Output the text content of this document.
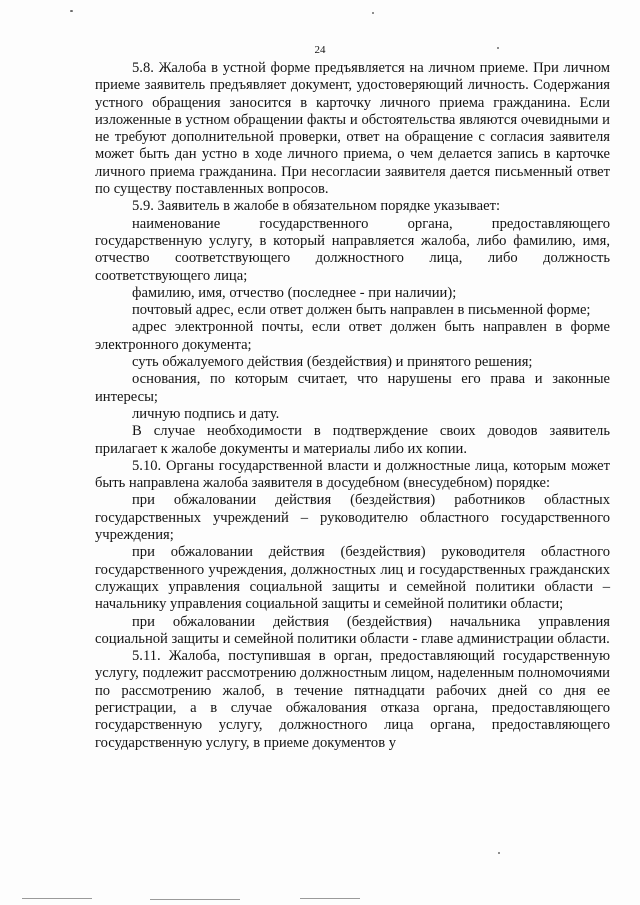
24

5.8. Жалоба в устной форме предъявляется на личном приеме. При личном приеме заявитель предъявляет документ, удостоверяющий личность. Содержания устного обращения заносится в карточку личного приема гражданина. Если изложенные в устном обращении факты и обстоятельства являются очевидными и не требуют дополнительной проверки, ответ на обращение с согласия заявителя может быть дан устно в ходе личного приема, о чем делается запись в карточке личного приема гражданина. При несогласии заявителя дается письменный ответ по существу поставленных вопросов.

5.9. Заявитель в жалобе в обязательном порядке указывает:

наименование государственного органа, предоставляющего государственную услугу, в который направляется жалоба, либо фамилию, имя, отчество соответствующего должностного лица, либо должность соответствующего лица;

фамилию, имя, отчество (последнее - при наличии);

почтовый адрес, если ответ должен быть направлен в письменной форме;

адрес электронной почты, если ответ должен быть направлен в форме электронного документа;

суть обжалуемого действия (бездействия) и принятого решения;

основания, по которым считает, что нарушены его права и законные интересы;

личную подпись и дату.

В случае необходимости в подтверждение своих доводов заявитель прилагает к жалобе документы и материалы либо их копии.

5.10. Органы государственной власти и должностные лица, которым может быть направлена жалоба заявителя в досудебном (внесудебном) порядке:

при обжаловании действия (бездействия) работников областных государственных учреждений – руководителю областного государственного учреждения;

при обжаловании действия (бездействия) руководителя областного государственного учреждения, должностных лиц и государственных гражданских служащих управления социальной защиты и семейной политики области – начальнику управления социальной защиты и семейной политики области;

при обжаловании действия (бездействия) начальника управления социальной защиты и семейной политики области - главе администрации области.

5.11. Жалоба, поступившая в орган, предоставляющий государственную услугу, подлежит рассмотрению должностным лицом, наделенным полномочиями по рассмотрению жалоб, в течение пятнадцати рабочих дней со дня ее регистрации, а в случае обжалования отказа органа, предоставляющего государственную услугу, должностного лица органа, предоставляющего государственную услугу, в приеме документов у
